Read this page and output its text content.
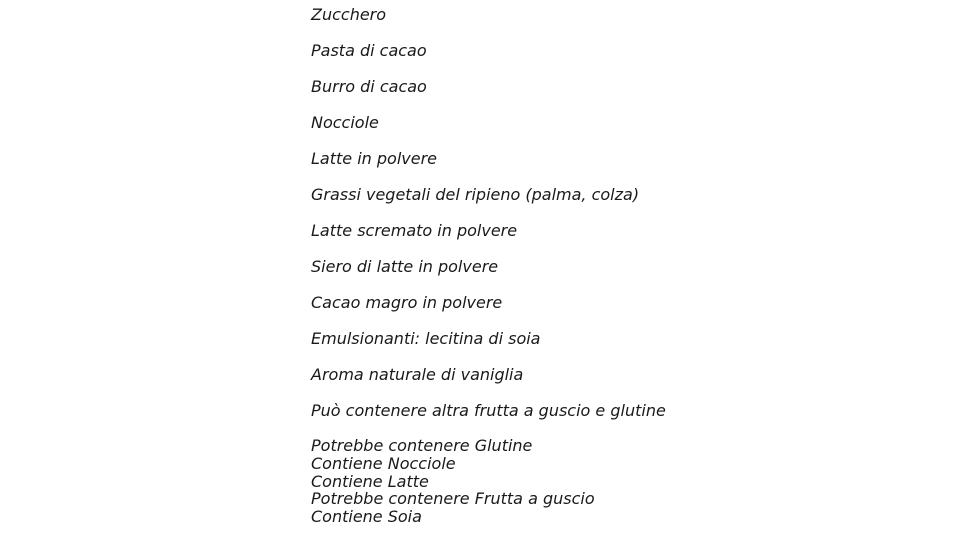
Zucchero
Pasta di cacao
Burro di cacao
Nocciole
Latte in polvere
Grassi vegetali del ripieno (palma, colza)
Latte scremato in polvere
Siero di latte in polvere
Cacao magro in polvere
Emulsionanti: lecitina di soia
Aroma naturale di vaniglia
Può contenere altra frutta a guscio e glutine
Potrebbe contenere Glutine
Contiene Nocciole
Contiene Latte
Potrebbe contenere Frutta a guscio
Contiene Soia
